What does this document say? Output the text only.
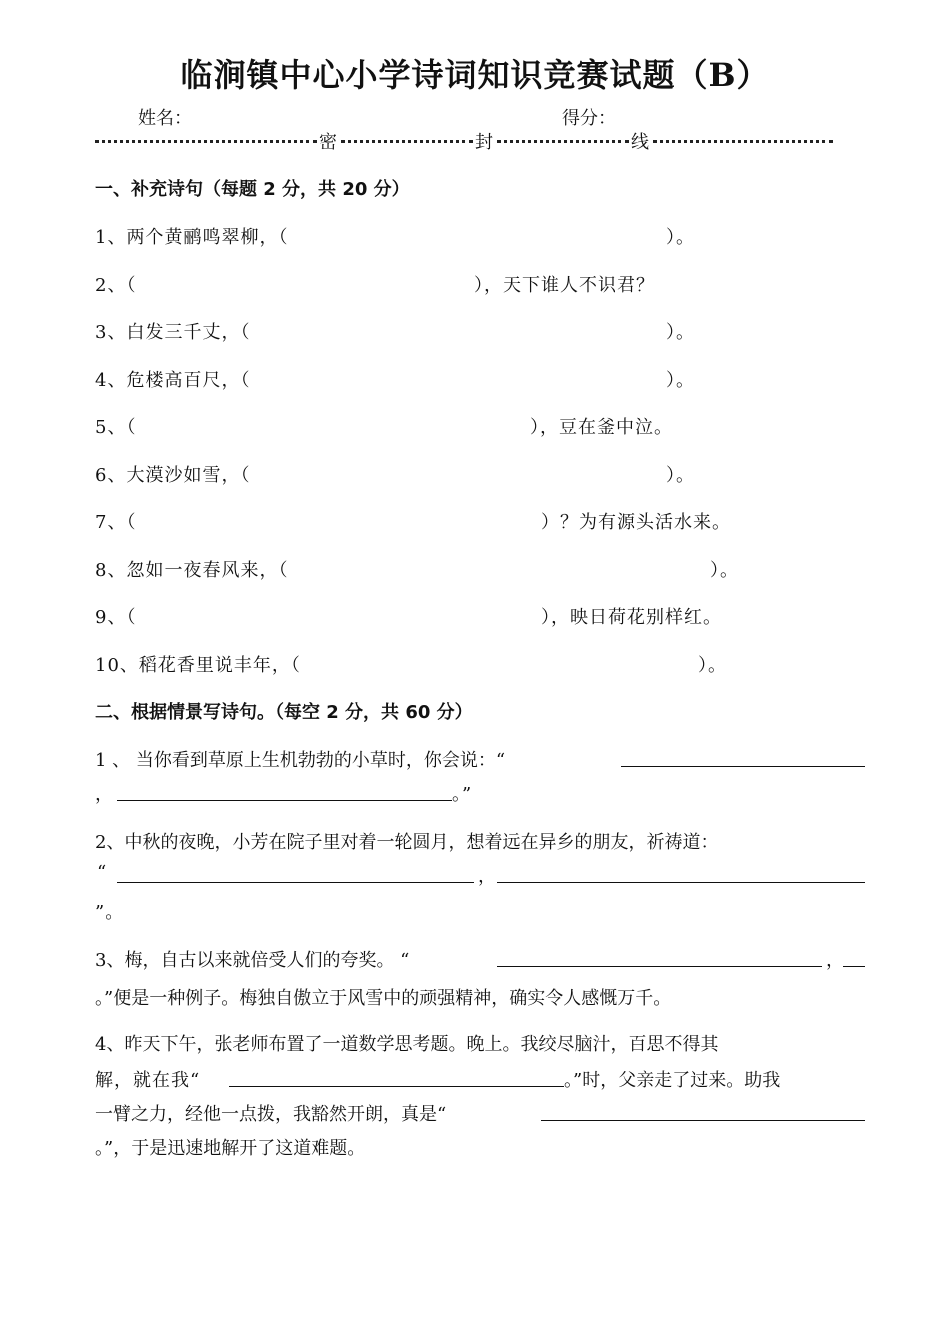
临涧镇中心小学诗词知识竞赛试题（B）
姓名：	得分：
密	封	线
一、补充诗句（每题 2 分，共 20 分）
1、两个黄鹂鸣翠柳，（	）。
2、（	），天下谁人不识君？
3、白发三千丈，（	）。
4、危楼高百尺，（	）。
5、（	），豆在釜中泣。
6、大漠沙如雪，（	）。
7、（	）？为有源头活水来。
8、忽如一夜春风来，（	）。
9、（	），映日荷花别样红。
10、稻花香里说丰年，（	）。
二、根据情景写诗句。（每空 2 分，共 60 分）
1 、 当你看到草原上生机勃勃的小草时，你会说：“
，	。”
2、中秋的夜晚，小芳在院子里对着一轮圆月，想着远在异乡的朋友，祈祷道：
“	，
”。
3、梅，自古以来就倍受人们的夸奖。 “	，
。”便是一种例子。梅独自傲立于风雪中的顽强精神，确实令人感慨万千。
4、昨天下午，张老师布置了一道数学思考题。晚上。我绞尽脑汁，百思不得其
解，就在我“	。”时，父亲走了过来。助我
一臂之力，经他一点拨，我豁然开朗，真是“
。”，于是迅速地解开了这道难题。
